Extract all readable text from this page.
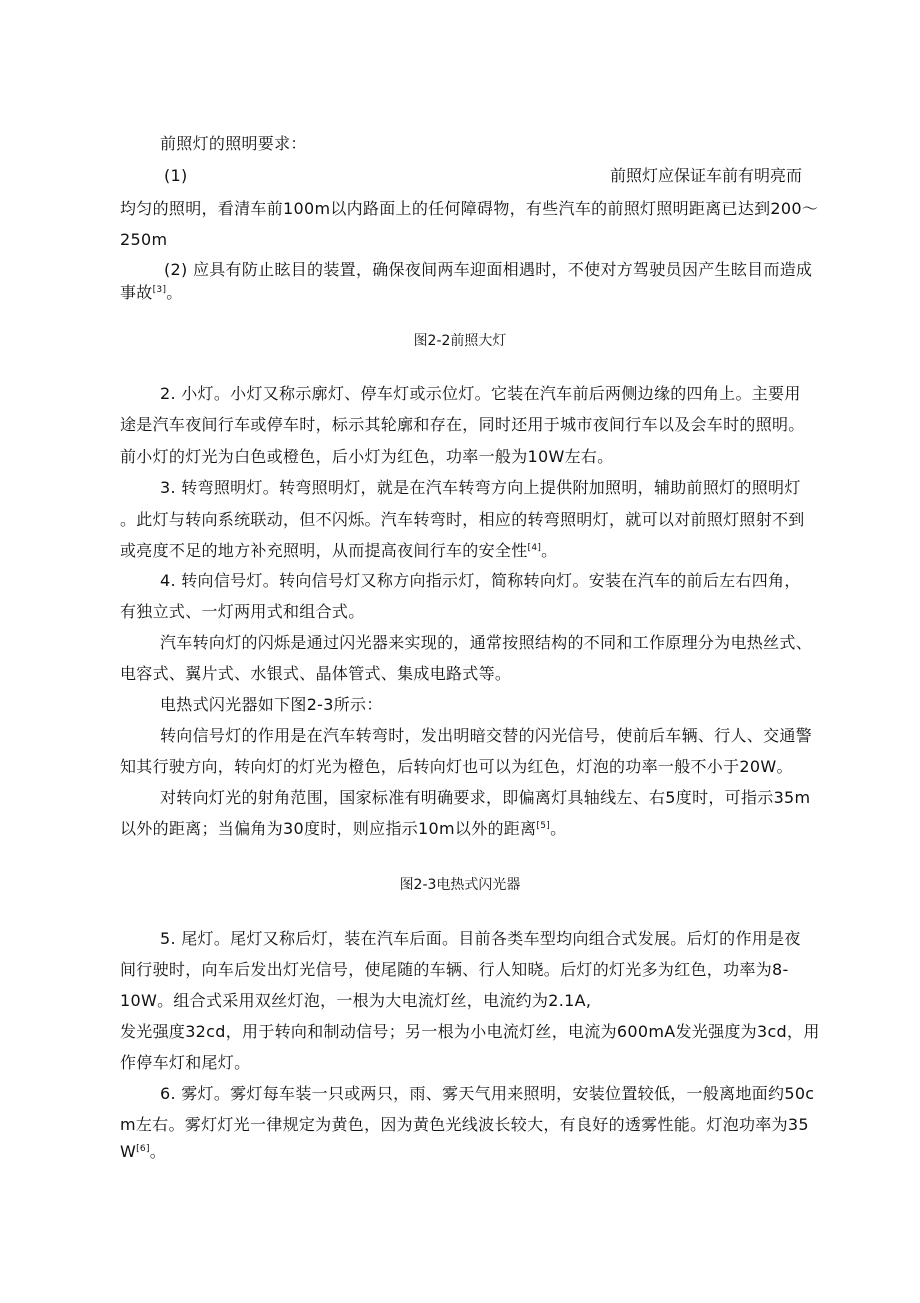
前照灯的照明要求：
(1)	前照灯应保证车前有明亮而
均匀的照明，看清车前100m以内路面上的任何障碍物，有些汽车的前照灯照明距离已达到200～
250m
(2) 应具有防止眩目的装置，确保夜间两车迎面相遇时，不使对方驾驶员因产生眩目而造成
事故[3]。
图2-2前照大灯
2. 小灯。小灯又称示廓灯、停车灯或示位灯。它装在汽车前后两侧边缘的四角上。主要用
途是汽车夜间行车或停车时，标示其轮廓和存在，同时还用于城市夜间行车以及会车时的照明。
前小灯的灯光为白色或橙色，后小灯为红色，功率一般为10W左右。
3. 转弯照明灯。转弯照明灯，就是在汽车转弯方向上提供附加照明，辅助前照灯的照明灯
。此灯与转向系统联动，但不闪烁。汽车转弯时，相应的转弯照明灯，就可以对前照灯照射不到
或亮度不足的地方补充照明，从而提高夜间行车的安全性[4]。
4. 转向信号灯。转向信号灯又称方向指示灯，简称转向灯。安装在汽车的前后左右四角，
有独立式、一灯两用式和组合式。
汽车转向灯的闪烁是通过闪光器来实现的，通常按照结构的不同和工作原理分为电热丝式、
电容式、翼片式、水银式、晶体管式、集成电路式等。
电热式闪光器如下图2-3所示：
转向信号灯的作用是在汽车转弯时，发出明暗交替的闪光信号，使前后车辆、行人、交通警
知其行驶方向，转向灯的灯光为橙色，后转向灯也可以为红色，灯泡的功率一般不小于20W。
对转向灯光的射角范围，国家标准有明确要求，即偏离灯具轴线左、右5度时，可指示35m
以外的距离；当偏角为30度时，则应指示10m以外的距离[5]。
图2-3电热式闪光器
5. 尾灯。尾灯又称后灯，装在汽车后面。目前各类车型均向组合式发展。后灯的作用是夜
间行驶时，向车后发出灯光信号，使尾随的车辆、行人知晓。后灯的灯光多为红色，功率为8-
10W。组合式采用双丝灯泡，一根为大电流灯丝，电流约为2.1A,
发光强度32cd，用于转向和制动信号；另一根为小电流灯丝，电流为600mA发光强度为3cd，用
作停车灯和尾灯。
6. 雾灯。雾灯每车装一只或两只，雨、雾天气用来照明，安装位置较低，一般离地面约50c
m左右。雾灯灯光一律规定为黄色，因为黄色光线波长较大，有良好的透雾性能。灯泡功率为35
W[6]。
